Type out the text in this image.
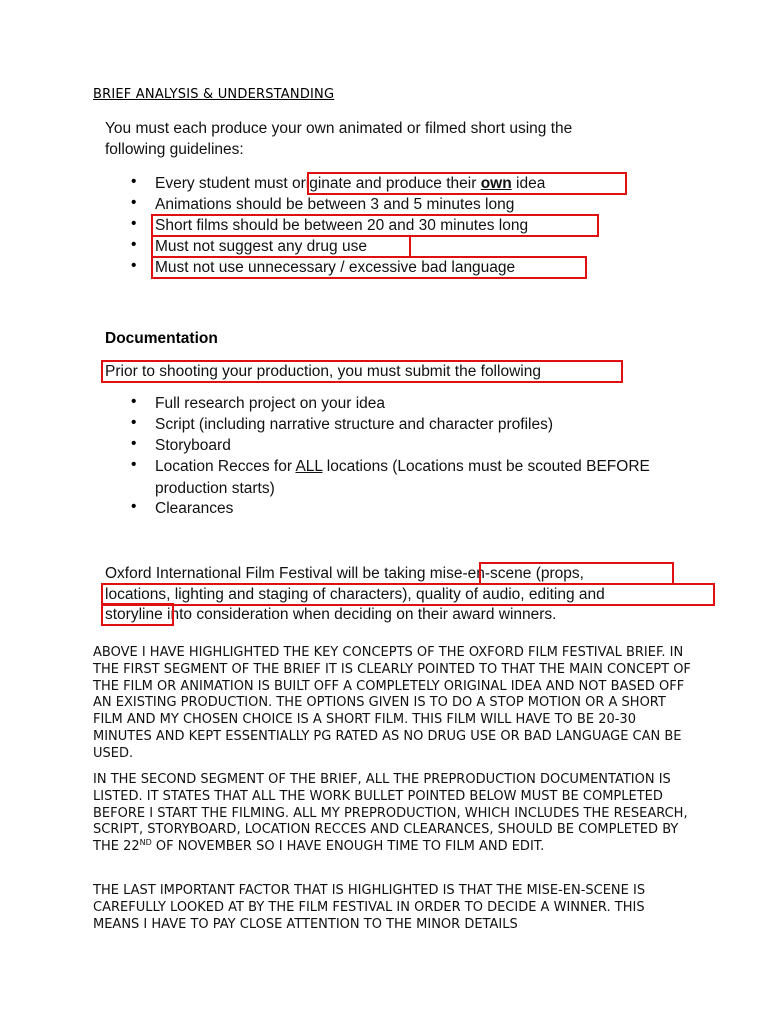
BRIEF ANALYSIS & UNDERSTANDING
You must each produce your own animated or filmed short using the
following guidelines:
• Every student must originate and produce their own idea
• Animations should be between 3 and 5 minutes long
• Short films should be between 20 and 30 minutes long
• Must not suggest any drug use
• Must not use unnecessary / excessive bad language
Documentation
Prior to shooting your production, you must submit the following
• Full research project on your idea
• Script (including narrative structure and character profiles)
• Storyboard
• Location Recces for ALL locations (Locations must be scouted BEFORE
production starts)
• Clearances
Oxford International Film Festival will be taking mise-en-scene (props,
locations, lighting and staging of characters), quality of audio, editing and
storyline into consideration when deciding on their award winners.
ABOVE I HAVE HIGHLIGHTED THE KEY CONCEPTS OF THE OXFORD FILM FESTIVAL BRIEF. IN THE FIRST SEGMENT OF THE BRIEF IT IS CLEARLY POINTED TO THAT THE MAIN CONCEPT OF THE FILM OR ANIMATION IS BUILT OFF A COMPLETELY ORIGINAL IDEA AND NOT BASED OFF AN EXISTING PRODUCTION. THE OPTIONS GIVEN IS TO DO A STOP MOTION OR A SHORT FILM AND MY CHOSEN CHOICE IS A SHORT FILM. THIS FILM WILL HAVE TO BE 20-30 MINUTES AND KEPT ESSENTIALLY PG RATED AS NO DRUG USE OR BAD LANGUAGE CAN BE USED.
IN THE SECOND SEGMENT OF THE BRIEF, ALL THE PREPRODUCTION DOCUMENTATION IS LISTED. IT STATES THAT ALL THE WORK BULLET POINTED BELOW MUST BE COMPLETED BEFORE I START THE FILMING. ALL MY PREPRODUCTION, WHICH INCLUDES THE RESEARCH, SCRIPT, STORYBOARD, LOCATION RECCES AND CLEARANCES, SHOULD BE COMPLETED BY THE 22ND OF NOVEMBER SO I HAVE ENOUGH TIME TO FILM AND EDIT.
THE LAST IMPORTANT FACTOR THAT IS HIGHLIGHTED IS THAT THE MISE-EN-SCENE IS CAREFULLY LOOKED AT BY THE FILM FESTIVAL IN ORDER TO DECIDE A WINNER. THIS MEANS I HAVE TO PAY CLOSE ATTENTION TO THE MINOR DETAILS
